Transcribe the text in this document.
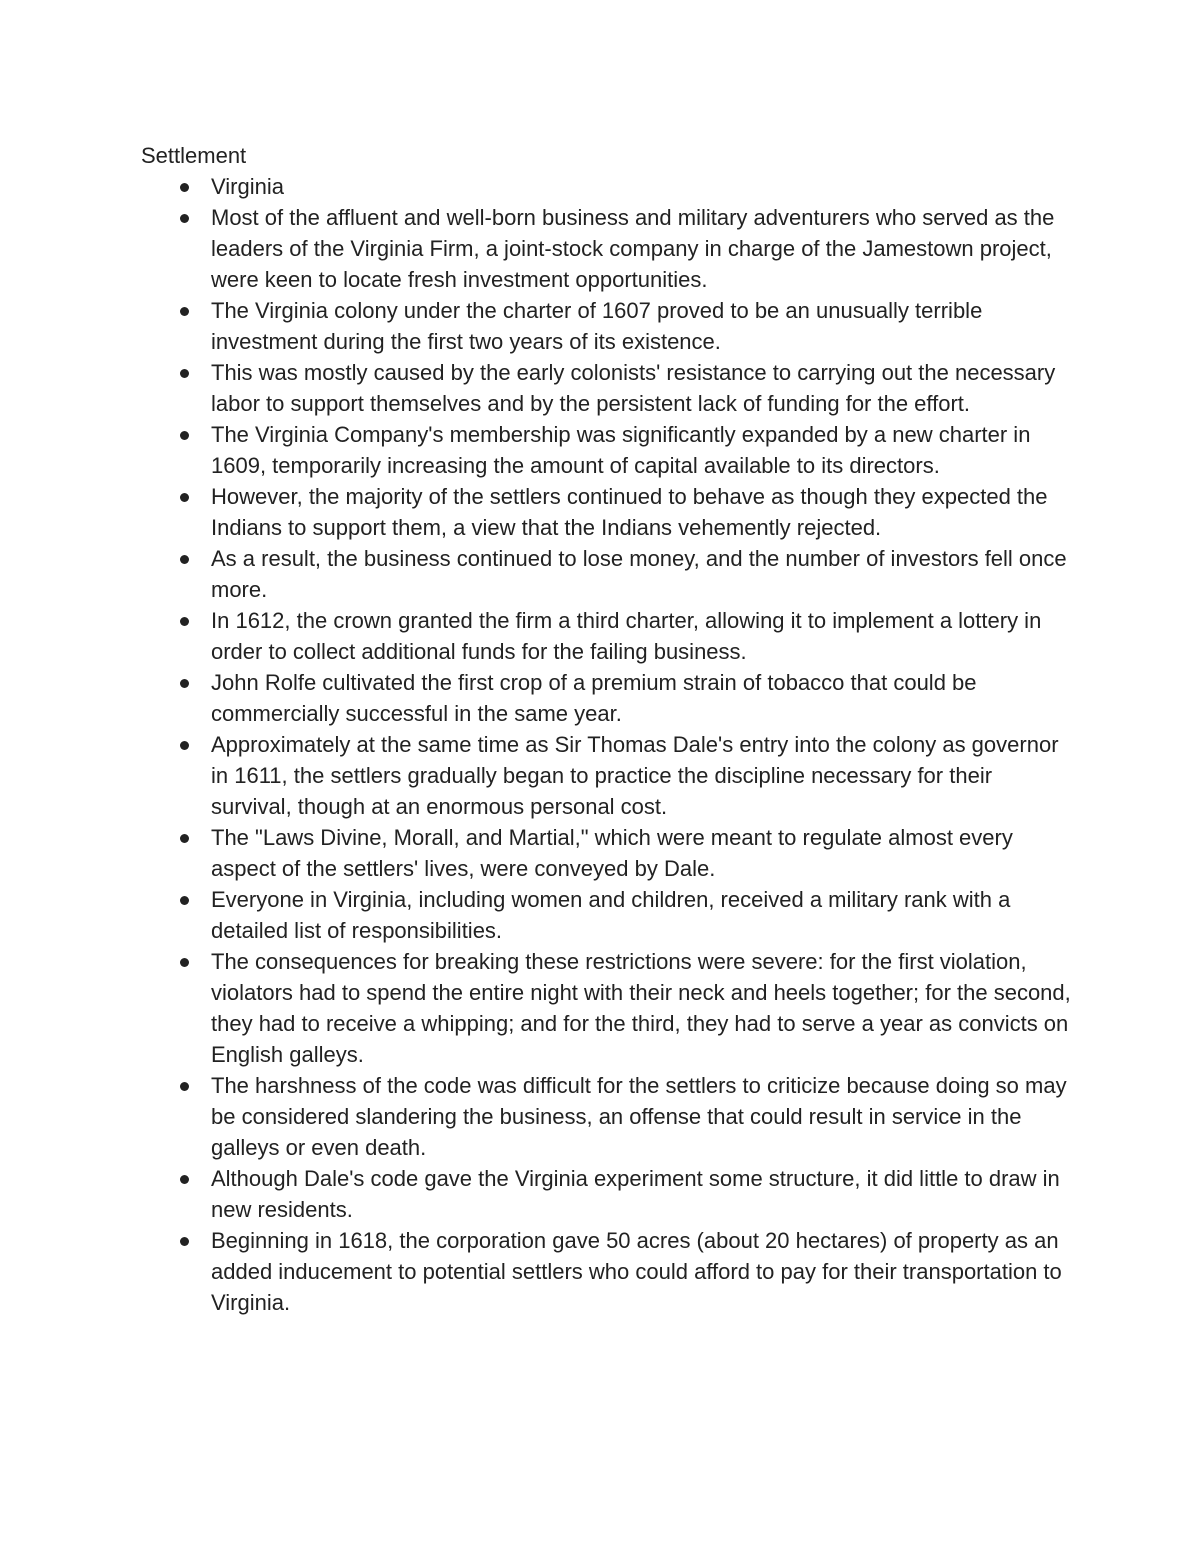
Settlement

Virginia
Most of the affluent and well-born business and military adventurers who served as the leaders of the Virginia Firm, a joint-stock company in charge of the Jamestown project, were keen to locate fresh investment opportunities.
The Virginia colony under the charter of 1607 proved to be an unusually terrible investment during the first two years of its existence.
This was mostly caused by the early colonists' resistance to carrying out the necessary labor to support themselves and by the persistent lack of funding for the effort.
The Virginia Company's membership was significantly expanded by a new charter in 1609, temporarily increasing the amount of capital available to its directors.
However, the majority of the settlers continued to behave as though they expected the Indians to support them, a view that the Indians vehemently rejected.
As a result, the business continued to lose money, and the number of investors fell once more.
In 1612, the crown granted the firm a third charter, allowing it to implement a lottery in order to collect additional funds for the failing business.
John Rolfe cultivated the first crop of a premium strain of tobacco that could be commercially successful in the same year.
Approximately at the same time as Sir Thomas Dale's entry into the colony as governor in 1611, the settlers gradually began to practice the discipline necessary for their survival, though at an enormous personal cost.
The "Laws Divine, Morall, and Martial," which were meant to regulate almost every aspect of the settlers' lives, were conveyed by Dale.
Everyone in Virginia, including women and children, received a military rank with a detailed list of responsibilities.
The consequences for breaking these restrictions were severe: for the first violation, violators had to spend the entire night with their neck and heels together; for the second, they had to receive a whipping; and for the third, they had to serve a year as convicts on English galleys.
The harshness of the code was difficult for the settlers to criticize because doing so may be considered slandering the business, an offense that could result in service in the galleys or even death.
Although Dale's code gave the Virginia experiment some structure, it did little to draw in new residents.
Beginning in 1618, the corporation gave 50 acres (about 20 hectares) of property as an added inducement to potential settlers who could afford to pay for their transportation to Virginia.
